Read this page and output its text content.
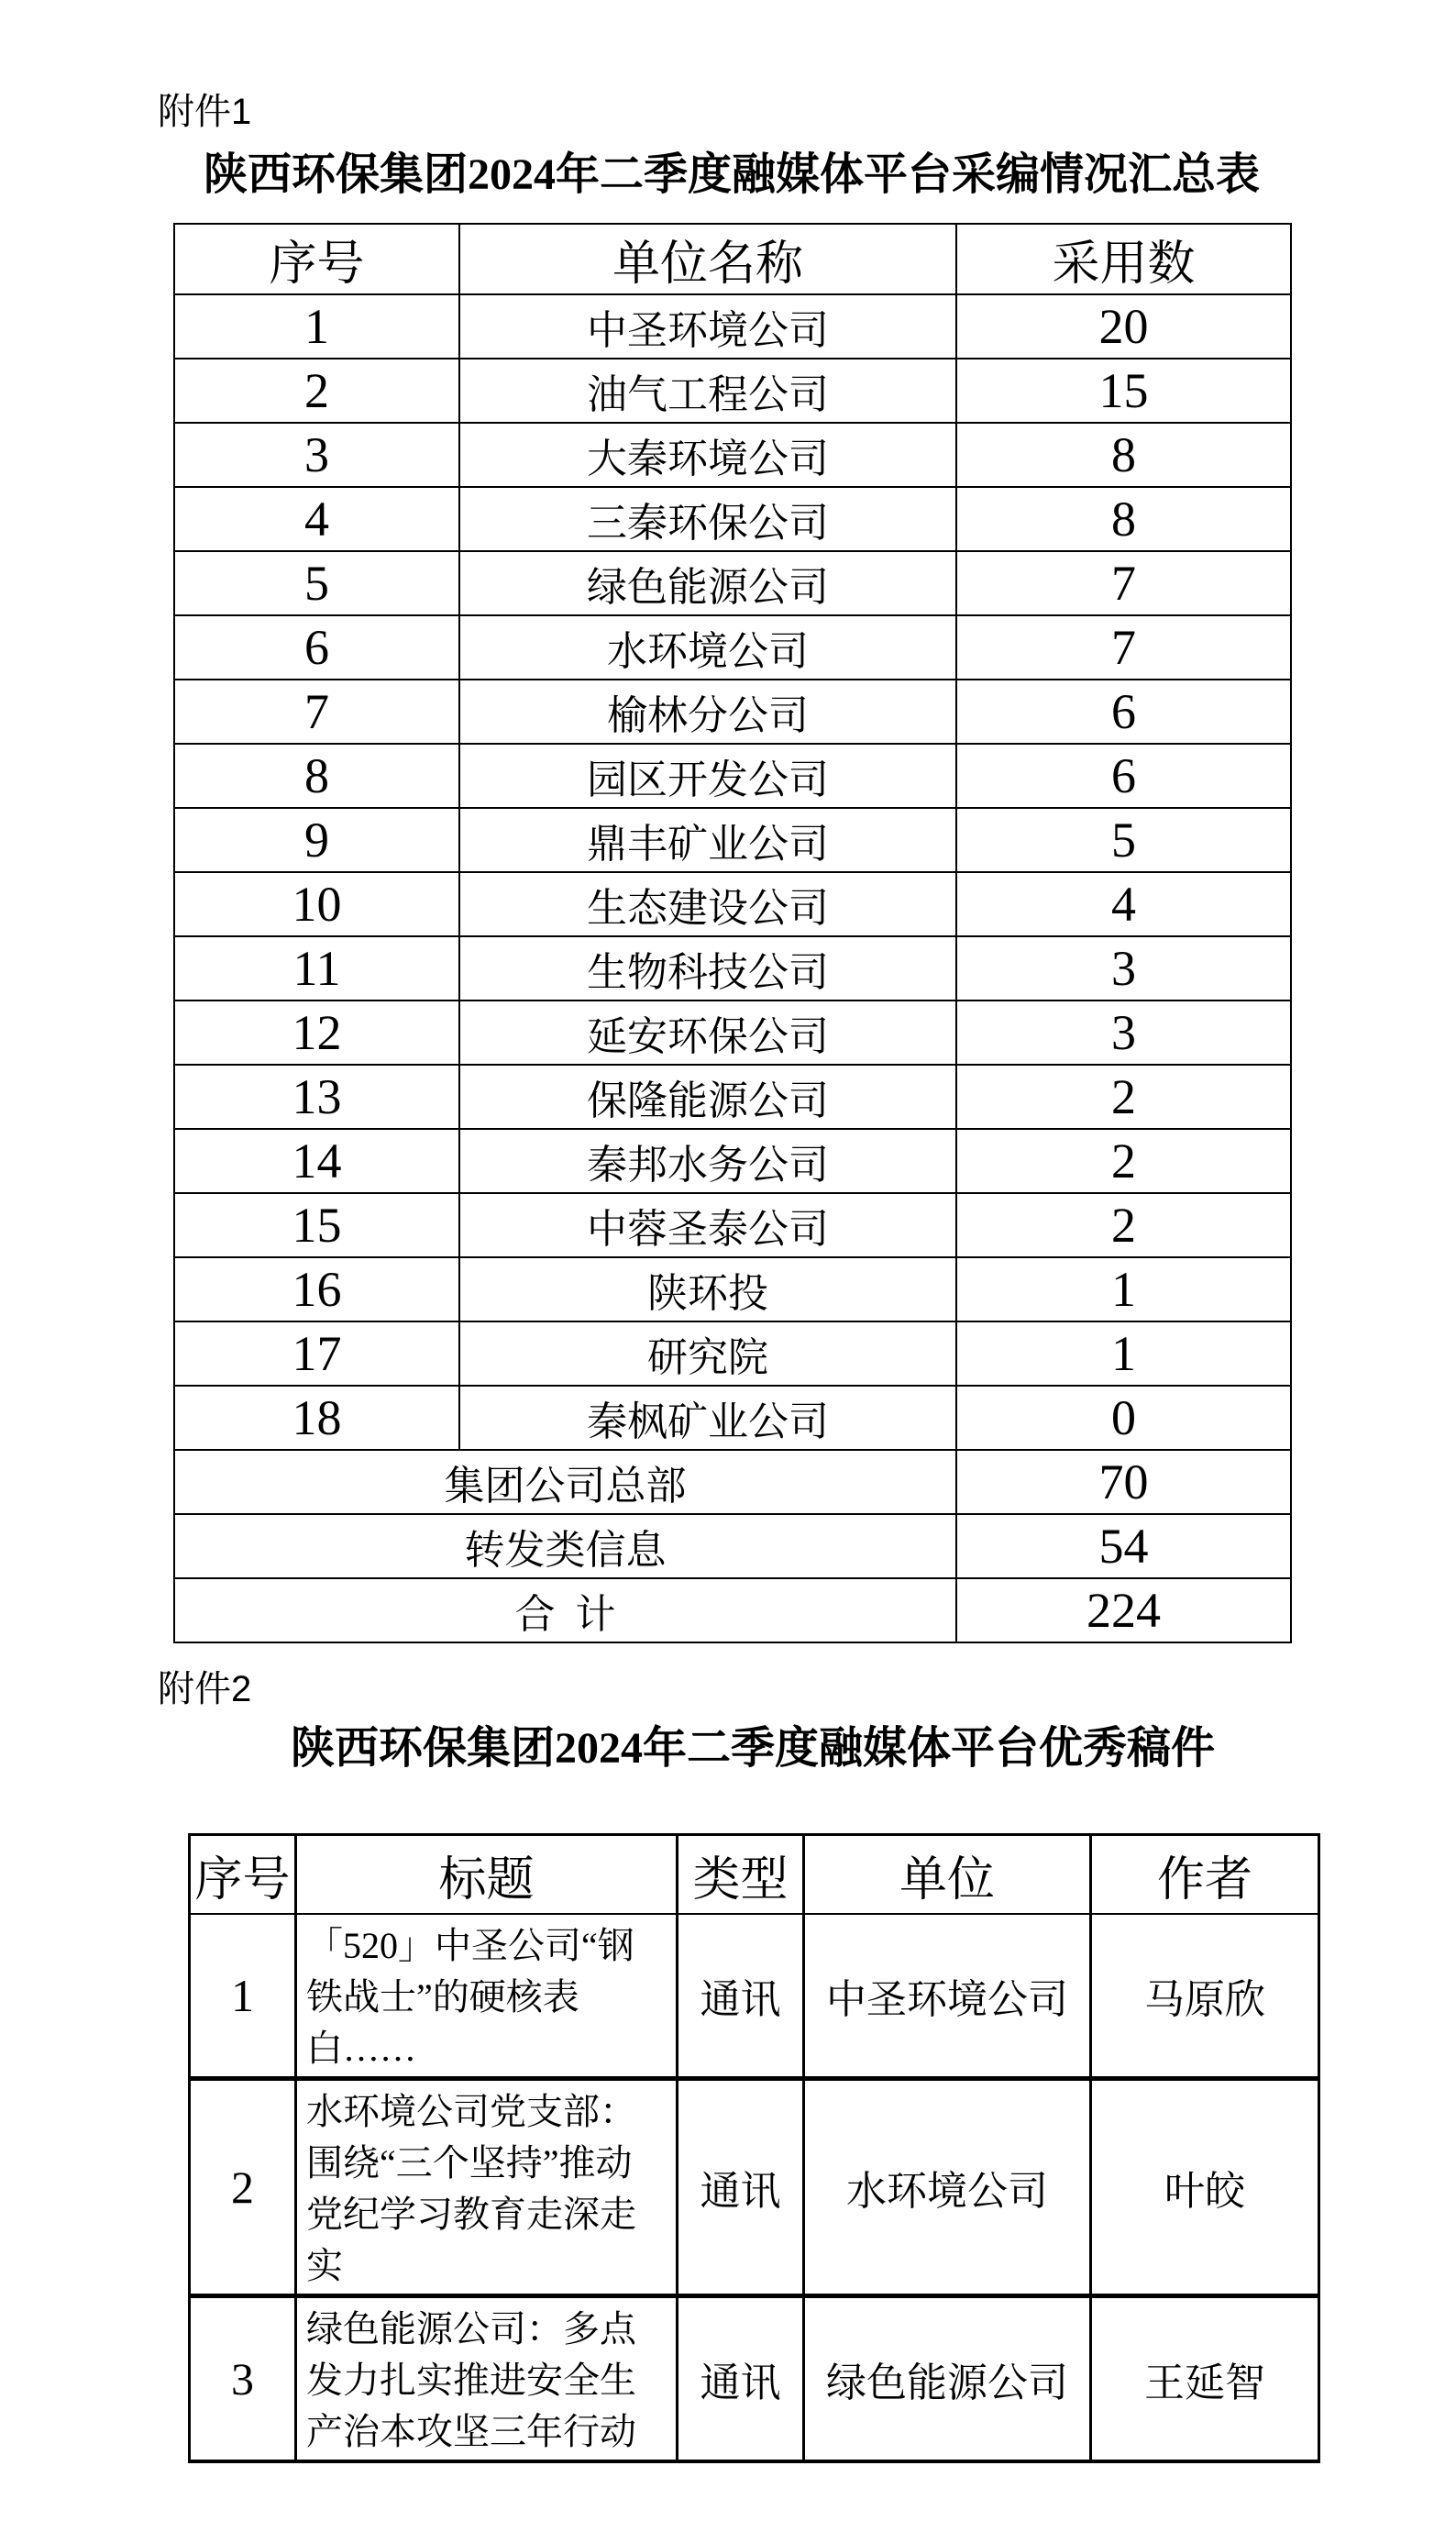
附件1
陕西环保集团2024年二季度融媒体平台采编情况汇总表
序号	单位名称	采用数
1	中圣环境公司	20
2	油气工程公司	15
3	大秦环境公司	8
4	三秦环保公司	8
5	绿色能源公司	7
6	水环境公司	7
7	榆林分公司	6
8	园区开发公司	6
9	鼎丰矿业公司	5
10	生态建设公司	4
11	生物科技公司	3
12	延安环保公司	3
13	保隆能源公司	2
14	秦邦水务公司	2
15	中蓉圣泰公司	2
16	陕环投	1
17	研究院	1
18	秦枫矿业公司	0
集团公司总部		70
转发类信息		54
合计		224
附件2
陕西环保集团2024年二季度融媒体平台优秀稿件
序号	标题	类型	单位	作者
1	「520」中圣公司“钢铁战士”的硬核表白……	通讯	中圣环境公司	马原欣
2	水环境公司党支部：围绕“三个坚持”推动党纪学习教育走深走实	通讯	水环境公司	叶皎
3	绿色能源公司：多点发力扎实推进安全生产治本攻坚三年行动	通讯	绿色能源公司	王延智
